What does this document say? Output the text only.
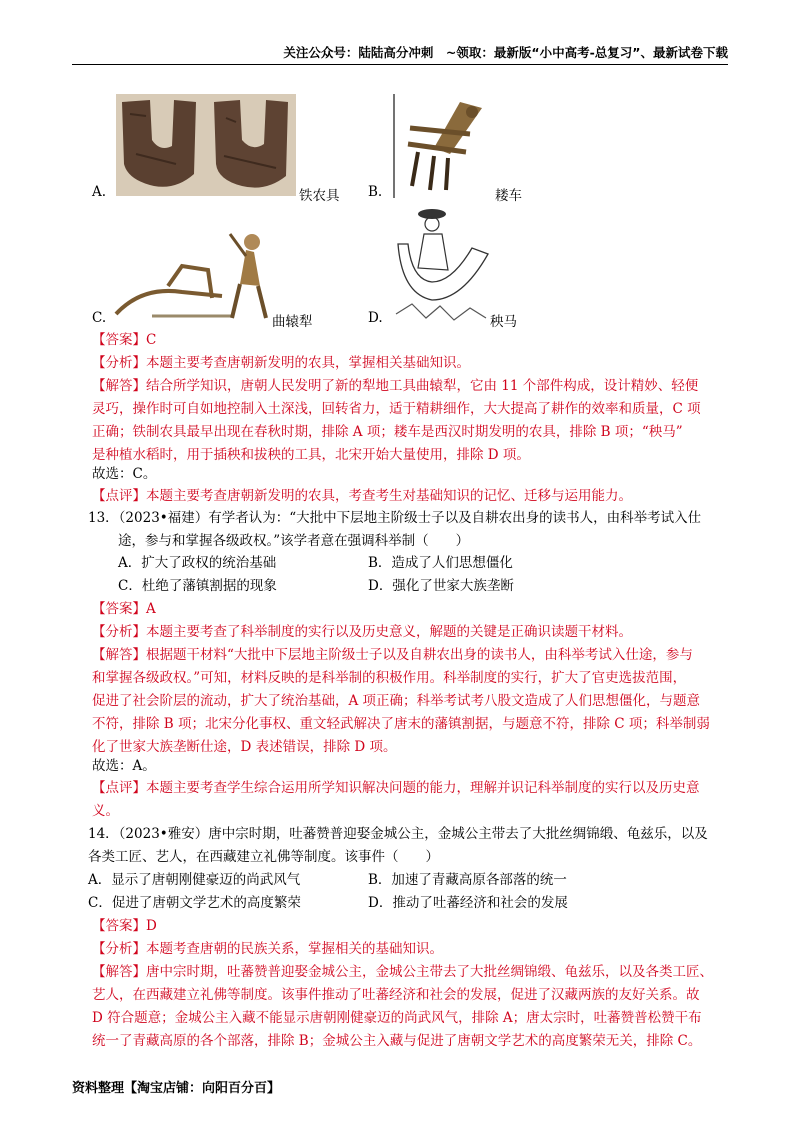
关注公众号：陆陆高分冲刺　~领取：最新版“小中高考-总复习”、最新试卷下载
A.	铁农具 B.	耧车
C.	曲辕犁	D.	秧马
【答案】C
【分析】本题主要考查唐朝新发明的农具，掌握相关基础知识。
【解答】结合所学知识，唐朝人民发明了新的犁地工具曲辕犁，它由 11 个部件构成，设计精妙、轻便
灵巧，操作时可自如地控制入土深浅，回转省力，适于精耕细作，大大提高了耕作的效率和质量，C 项
正确；铁制农具最早出现在春秋时期，排除 A 项；耧车是西汉时期发明的农具，排除 B 项；“秧马”
是种植水稻时，用于插秧和拔秧的工具，北宋开始大量使用，排除 D 项。
故选：C。
【点评】本题主要考查唐朝新发明的农具，考查考生对基础知识的记忆、迁移与运用能力。
13．（2023•福建）有学者认为：“大批中下层地主阶级士子以及自耕农出身的读书人，由科举考试入仕
途，参与和掌握各级政权。”该学者意在强调科举制（　　）
A．扩大了政权的统治基础	B．造成了人们思想僵化
C．杜绝了藩镇割据的现象	D．强化了世家大族垄断
【答案】A
【分析】本题主要考查了科举制度的实行以及历史意义，解题的关键是正确识读题干材料。
【解答】根据题干材料“大批中下层地主阶级士子以及自耕农出身的读书人，由科举考试入仕途，参与
和掌握各级政权。”可知，材料反映的是科举制的积极作用。科举制度的实行，扩大了官吏选拔范围，
促进了社会阶层的流动，扩大了统治基础，A 项正确；科举考试考八股文造成了人们思想僵化，与题意
不符，排除 B 项；北宋分化事权、重文轻武解决了唐末的藩镇割据，与题意不符，排除 C 项；科举制弱
化了世家大族垄断仕途，D 表述错误，排除 D 项。
故选：A。
【点评】本题主要考查学生综合运用所学知识解决问题的能力，理解并识记科举制度的实行以及历史意
义。
14．（2023•雅安）唐中宗时期，吐蕃赞普迎娶金城公主，金城公主带去了大批丝绸锦缎、龟兹乐，以及
各类工匠、艺人，在西藏建立礼佛等制度。该事件（　　）
A．显示了唐朝刚健豪迈的尚武风气	B．加速了青藏高原各部落的统一
C．促进了唐朝文学艺术的高度繁荣	D．推动了吐蕃经济和社会的发展
【答案】D
【分析】本题考查唐朝的民族关系，掌握相关的基础知识。
【解答】唐中宗时期，吐蕃赞普迎娶金城公主，金城公主带去了大批丝绸锦缎、龟兹乐，以及各类工匠、
艺人，在西藏建立礼佛等制度。该事件推动了吐蕃经济和社会的发展，促进了汉藏两族的友好关系。故
D 符合题意；金城公主入藏不能显示唐朝刚健豪迈的尚武风气，排除 A；唐太宗时，吐蕃赞普松赞干布
统一了青藏高原的各个部落，排除 B；金城公主入藏与促进了唐朝文学艺术的高度繁荣无关，排除 C。
资料整理【淘宝店铺：向阳百分百】
